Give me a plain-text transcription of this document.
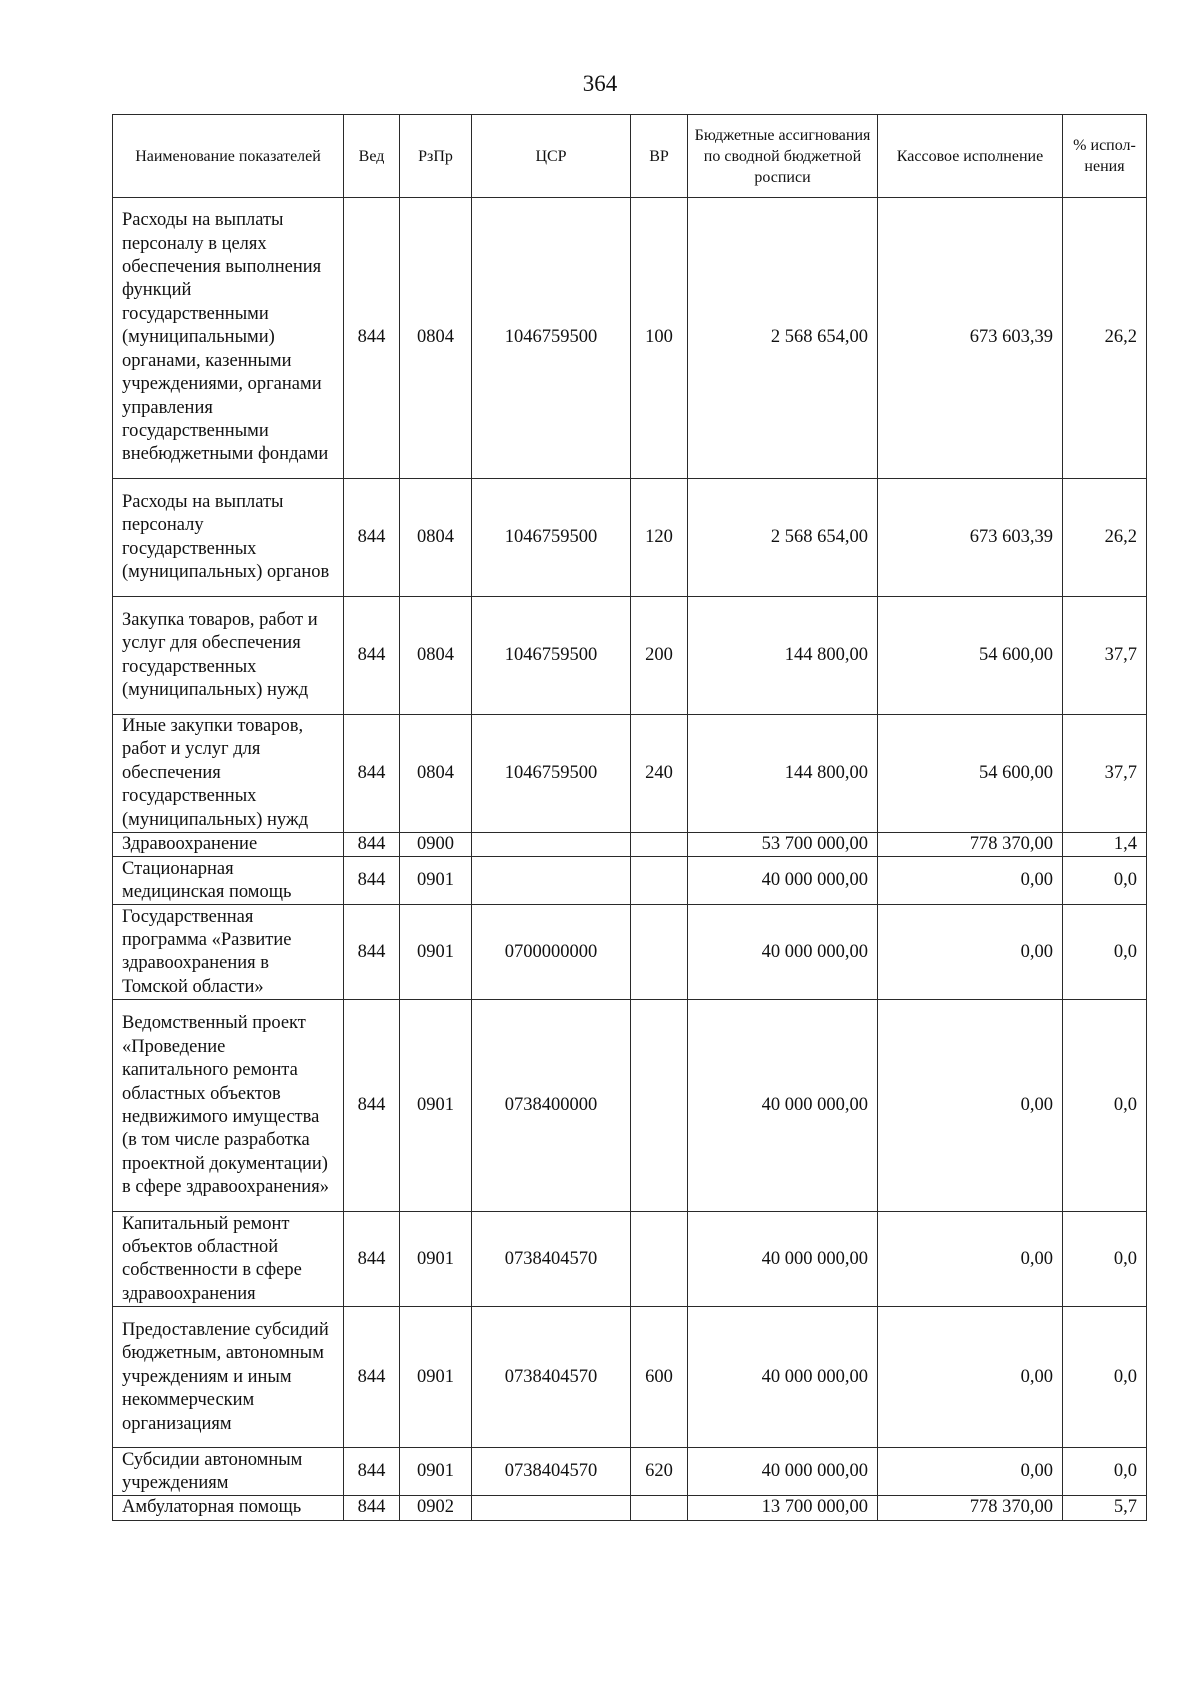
364
Наименование показателей	Вед	РзПр	ЦСР	ВР	Бюджетные ассигнования по сводной бюджетной росписи	Кассовое исполнение	% испол-нения
Расходы на выплаты персоналу в целях обеспечения выполнения функций государственными (муниципальными) органами, казенными учреждениями, органами управления государственными внебюджетными фондами	844	0804	1046759500	100	2 568 654,00	673 603,39	26,2
Расходы на выплаты персоналу государственных (муниципальных) органов	844	0804	1046759500	120	2 568 654,00	673 603,39	26,2
Закупка товаров, работ и услуг для обеспечения государственных (муниципальных) нужд	844	0804	1046759500	200	144 800,00	54 600,00	37,7
Иные закупки товаров, работ и услуг для обеспечения государственных (муниципальных) нужд	844	0804	1046759500	240	144 800,00	54 600,00	37,7
Здравоохранение	844	0900			53 700 000,00	778 370,00	1,4
Стационарная медицинская помощь	844	0901			40 000 000,00	0,00	0,0
Государственная программа «Развитие здравоохранения в Томской области»	844	0901	0700000000		40 000 000,00	0,00	0,0
Ведомственный проект «Проведение капитального ремонта областных объектов недвижимого имущества (в том числе разработка проектной документации) в сфере здравоохранения»	844	0901	0738400000		40 000 000,00	0,00	0,0
Капитальный ремонт объектов областной собственности в сфере здравоохранения	844	0901	0738404570		40 000 000,00	0,00	0,0
Предоставление субсидий бюджетным, автономным учреждениям и иным некоммерческим организациям	844	0901	0738404570	600	40 000 000,00	0,00	0,0
Субсидии автономным учреждениям	844	0901	0738404570	620	40 000 000,00	0,00	0,0
Амбулаторная помощь	844	0902			13 700 000,00	778 370,00	5,7
